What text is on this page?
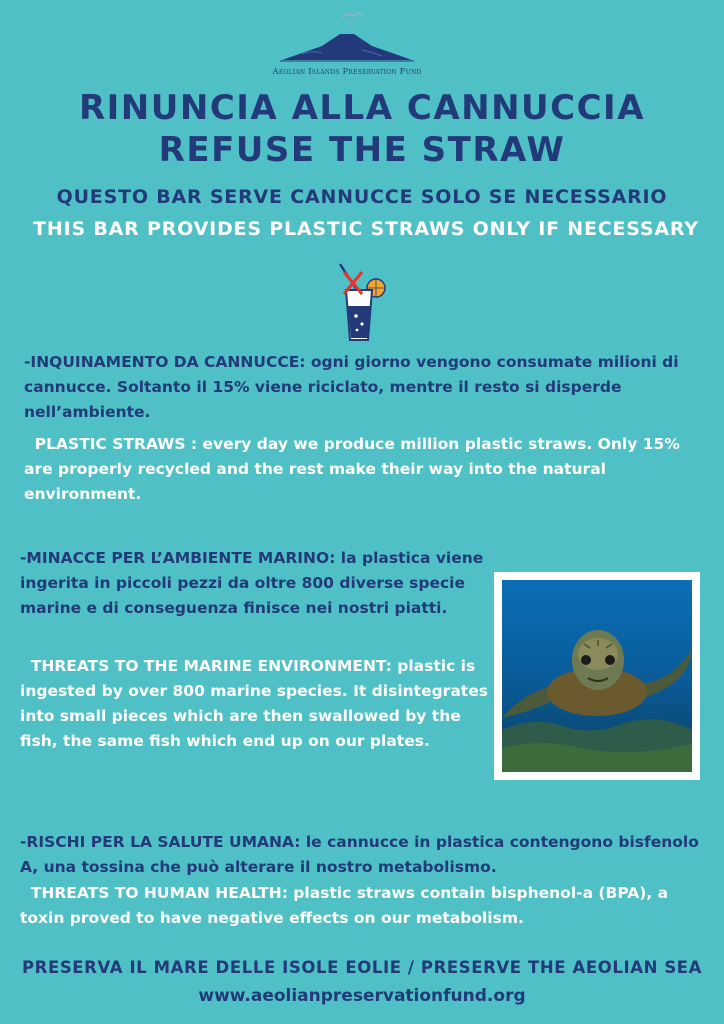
Aeolian Islands Preservation Fund
RINUNCIA ALLA CANNUCCIA
REFUSE THE STRAW
QUESTO BAR SERVE CANNUCCE SOLO SE NECESSARIO
THIS BAR PROVIDES PLASTIC STRAWS ONLY IF NECESSARY

-INQUINAMENTO DA CANNUCCE: ogni giorno vengono consumate milioni di cannucce. Soltanto il 15% viene riciclato, mentre il resto si disperde nell’ambiente.

PLASTIC STRAWS : every day we produce million plastic straws. Only 15% are properly recycled and the rest make their way into the natural environment.

-MINACCE PER L’AMBIENTE MARINO: la plastica viene ingerita in piccoli pezzi da oltre 800 diverse specie marine e di conseguenza finisce nei nostri piatti.

THREATS TO THE MARINE ENVIRONMENT: plastic is ingested by over 800 marine species. It disintegrates into small pieces which are then swallowed by the fish, the same fish which end up on our plates.

-RISCHI PER LA SALUTE UMANA: le cannucce in plastica contengono bisfenolo A, una tossina che può alterare il nostro metabolismo.

THREATS TO HUMAN HEALTH: plastic straws contain bisphenol-a (BPA), a toxin proved to have negative effects on our metabolism.

PRESERVA IL MARE DELLE ISOLE EOLIE / PRESERVE THE AEOLIAN SEA

www.aeolianpreservationfund.org
